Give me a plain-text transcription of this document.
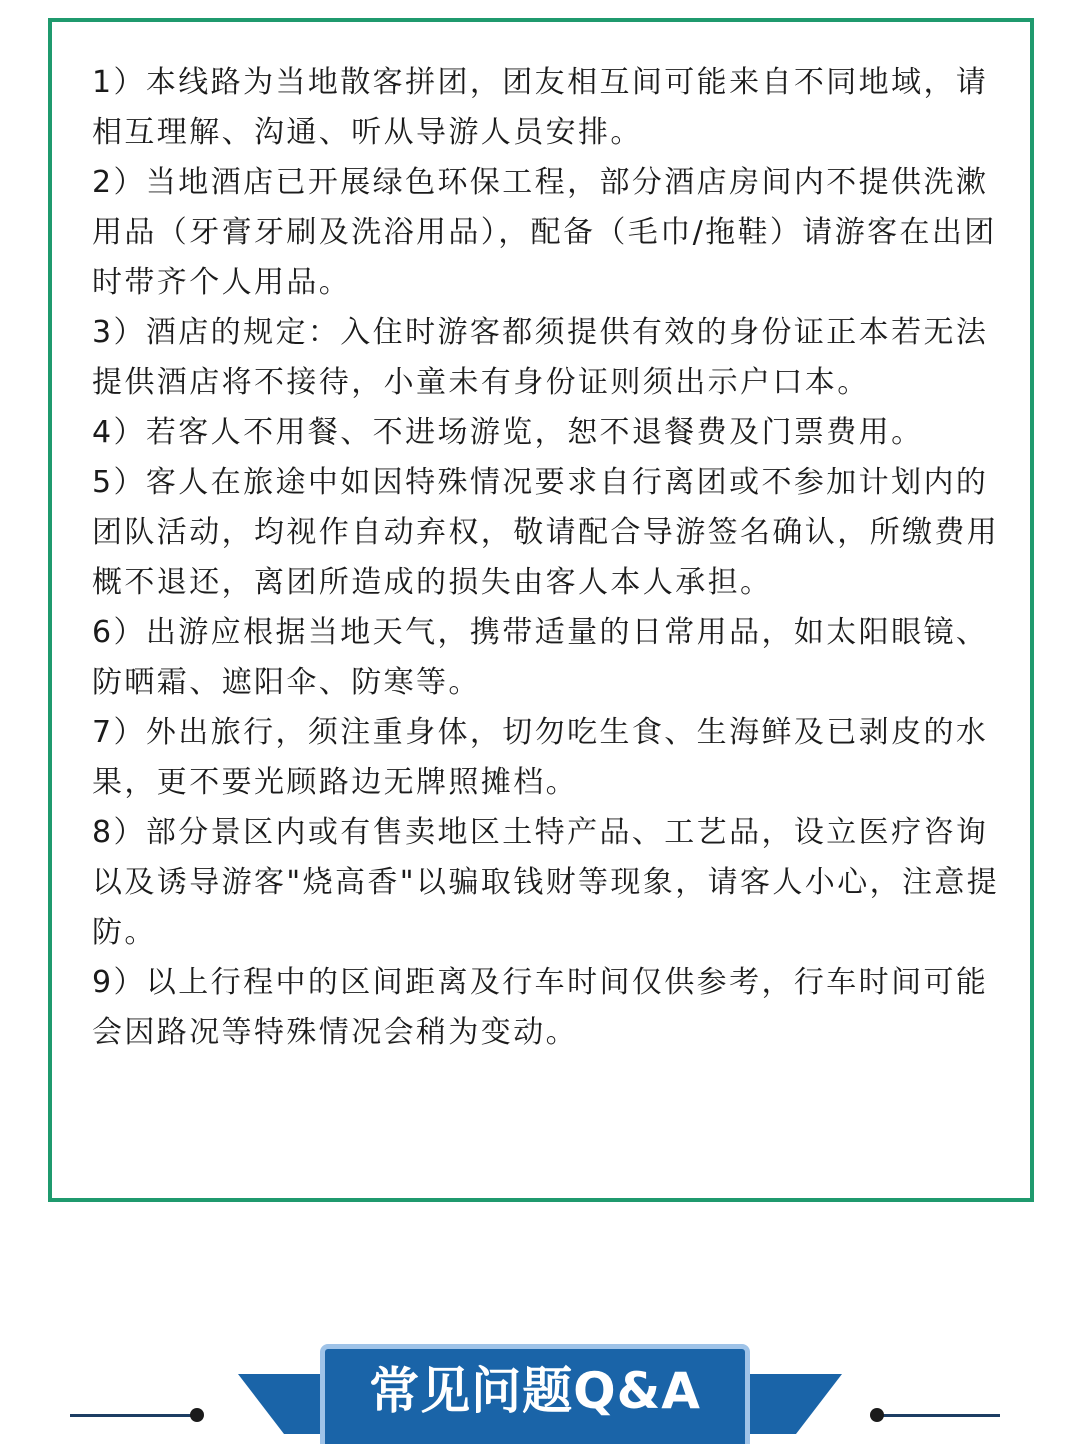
1）本线路为当地散客拼团，团友相互间可能来自不同地域，请相互理解、沟通、听从导游人员安排。
2）当地酒店已开展绿色环保工程，部分酒店房间内不提供洗漱用品（牙膏牙刷及洗浴用品），配备（毛巾/拖鞋）请游客在出团时带齐个人用品。
3）酒店的规定：入住时游客都须提供有效的身份证正本若无法提供酒店将不接待，小童未有身份证则须出示户口本。
4）若客人不用餐、不进场游览，恕不退餐费及门票费用。
5）客人在旅途中如因特殊情况要求自行离团或不参加计划内的团队活动，均视作自动弃权，敬请配合导游签名确认，所缴费用概不退还，离团所造成的损失由客人本人承担。
6）出游应根据当地天气，携带适量的日常用品，如太阳眼镜、防晒霜、遮阳伞、防寒等。
7）外出旅行，须注重身体，切勿吃生食、生海鲜及已剥皮的水果，更不要光顾路边无牌照摊档。
8）部分景区内或有售卖地区土特产品、工艺品，设立医疗咨询以及诱导游客"烧高香"以骗取钱财等现象，请客人小心，注意提防。
9）以上行程中的区间距离及行车时间仅供参考，行车时间可能会因路况等特殊情况会稍为变动。
常见问题Q&A
